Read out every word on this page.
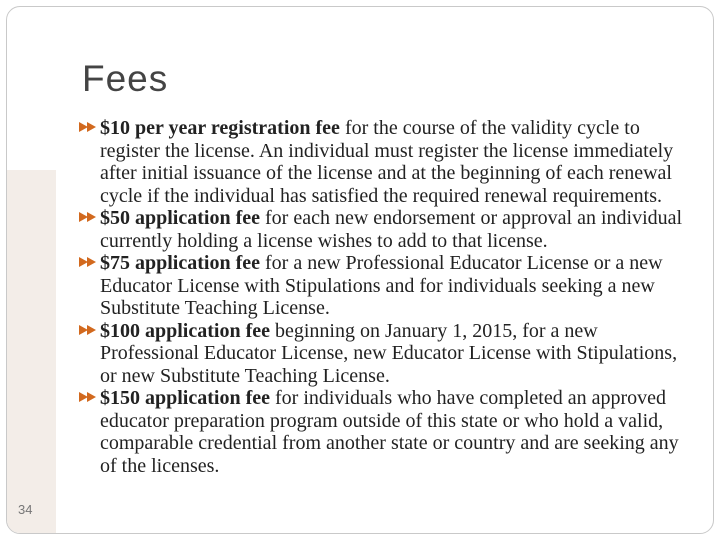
Fees
$10 per year registration fee for the course of the validity cycle to register the license. An individual must register the license immediately after initial issuance of the license and at the beginning of each renewal cycle if the individual has satisfied the required renewal requirements.
$50 application fee for each new endorsement or approval an individual currently holding a license wishes to add to that license.
$75 application fee for a new Professional Educator License or a new Educator License with Stipulations and for individuals seeking a new Substitute Teaching License.
$100 application fee beginning on January 1, 2015, for a new Professional Educator License, new Educator License with Stipulations, or new Substitute Teaching License.
$150 application fee for individuals who have completed an approved educator preparation program outside of this state or who hold a valid, comparable credential from another state or country and are seeking any of the licenses.
34
